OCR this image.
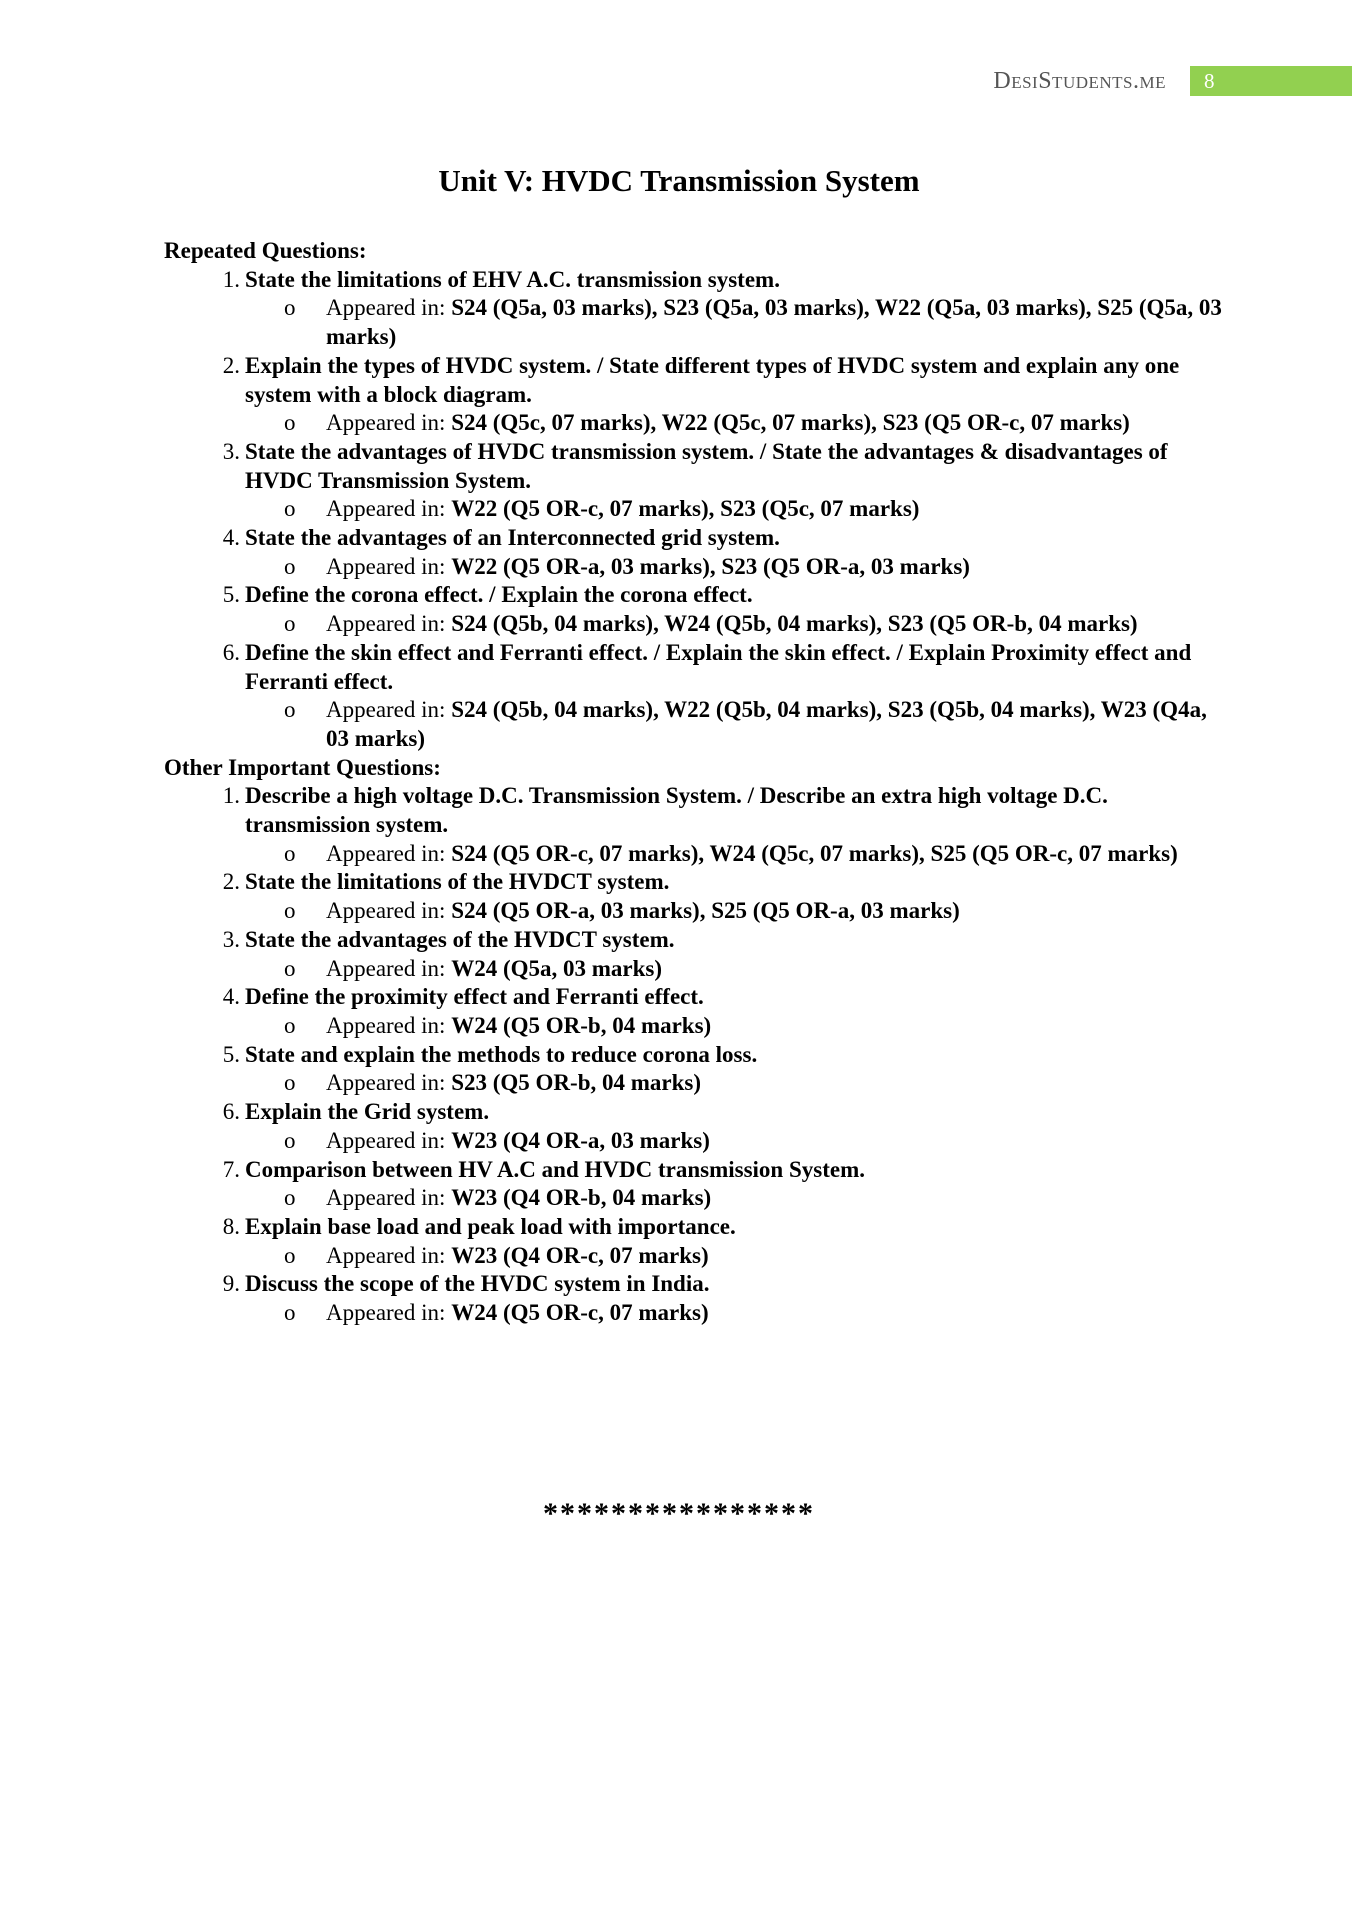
DesiStudents.me	8
Unit V: HVDC Transmission System
Repeated Questions:
1. State the limitations of EHV A.C. transmission system.
o Appeared in: S24 (Q5a, 03 marks), S23 (Q5a, 03 marks), W22 (Q5a, 03 marks), S25 (Q5a, 03 marks)
2. Explain the types of HVDC system. / State different types of HVDC system and explain any one system with a block diagram.
o Appeared in: S24 (Q5c, 07 marks), W22 (Q5c, 07 marks), S23 (Q5 OR-c, 07 marks)
3. State the advantages of HVDC transmission system. / State the advantages & disadvantages of HVDC Transmission System.
o Appeared in: W22 (Q5 OR-c, 07 marks), S23 (Q5c, 07 marks)
4. State the advantages of an Interconnected grid system.
o Appeared in: W22 (Q5 OR-a, 03 marks), S23 (Q5 OR-a, 03 marks)
5. Define the corona effect. / Explain the corona effect.
o Appeared in: S24 (Q5b, 04 marks), W24 (Q5b, 04 marks), S23 (Q5 OR-b, 04 marks)
6. Define the skin effect and Ferranti effect. / Explain the skin effect. / Explain Proximity effect and Ferranti effect.
o Appeared in: S24 (Q5b, 04 marks), W22 (Q5b, 04 marks), S23 (Q5b, 04 marks), W23 (Q4a, 03 marks)
Other Important Questions:
1. Describe a high voltage D.C. Transmission System. / Describe an extra high voltage D.C. transmission system.
o Appeared in: S24 (Q5 OR-c, 07 marks), W24 (Q5c, 07 marks), S25 (Q5 OR-c, 07 marks)
2. State the limitations of the HVDCT system.
o Appeared in: S24 (Q5 OR-a, 03 marks), S25 (Q5 OR-a, 03 marks)
3. State the advantages of the HVDCT system.
o Appeared in: W24 (Q5a, 03 marks)
4. Define the proximity effect and Ferranti effect.
o Appeared in: W24 (Q5 OR-b, 04 marks)
5. State and explain the methods to reduce corona loss.
o Appeared in: S23 (Q5 OR-b, 04 marks)
6. Explain the Grid system.
o Appeared in: W23 (Q4 OR-a, 03 marks)
7. Comparison between HV A.C and HVDC transmission System.
o Appeared in: W23 (Q4 OR-b, 04 marks)
8. Explain base load and peak load with importance.
o Appeared in: W23 (Q4 OR-c, 07 marks)
9. Discuss the scope of the HVDC system in India.
o Appeared in: W24 (Q5 OR-c, 07 marks)
****************
